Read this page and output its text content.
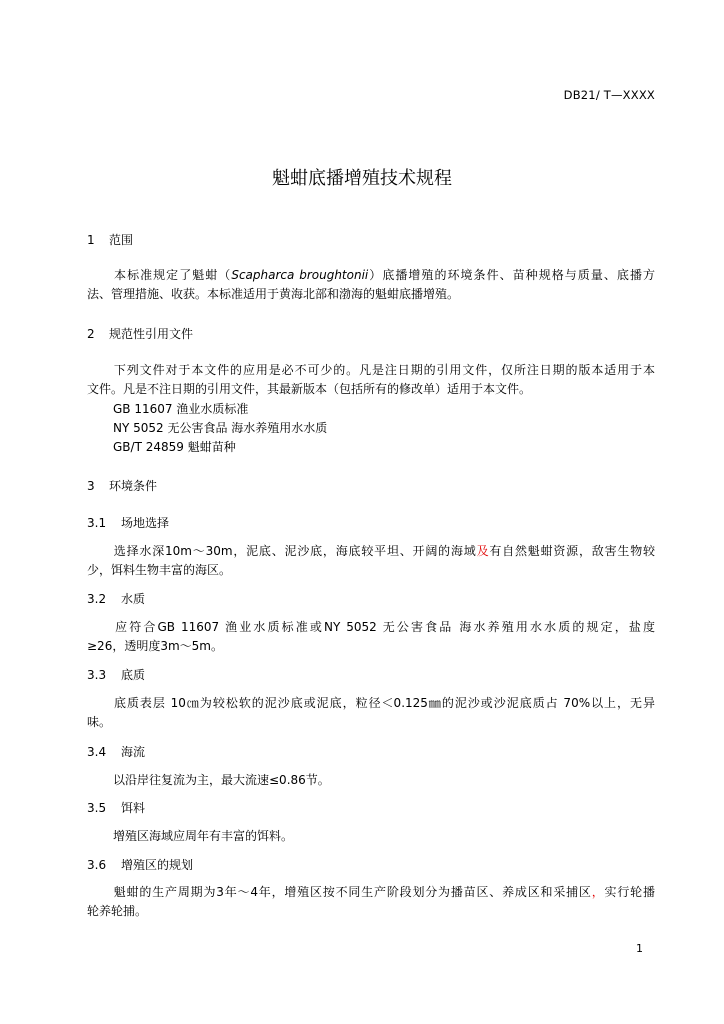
DB21/ T—XXXX
魁蚶底播增殖技术规程
1 范围
本标准规定了魁蚶（Scapharca broughtonii）底播增殖的环境条件、苗种规格与质量、底播方
法、管理措施、收获。本标准适用于黄海北部和渤海的魁蚶底播增殖。
2 规范性引用文件
下列文件对于本文件的应用是必不可少的。凡是注日期的引用文件，仅所注日期的版本适用于本
文件。凡是不注日期的引用文件，其最新版本（包括所有的修改单）适用于本文件。
GB 11607 渔业水质标准
NY 5052 无公害食品 海水养殖用水水质
GB/T 24859 魁蚶苗种
3 环境条件
3.1 场地选择
选择水深10m～30m，泥底、泥沙底，海底较平坦、开阔的海域及有自然魁蚶资源，敌害生物较
少，饵料生物丰富的海区。
3.2 水质
应符合GB 11607 渔业水质标准或NY 5052 无公害食品 海水养殖用水水质的规定，盐度
≥26，透明度3m～5m。
3.3 底质
底质表层 10㎝为较松软的泥沙底或泥底，粒径＜0.125㎜的泥沙或沙泥底质占 70%以上，无异
味。
3.4 海流
以沿岸往复流为主，最大流速≤0.86节。
3.5 饵料
增殖区海域应周年有丰富的饵料。
3.6 增殖区的规划
魁蚶的生产周期为3年～4年，增殖区按不同生产阶段划分为播苗区、养成区和采捕区，实行轮播
轮养轮捕。
1
